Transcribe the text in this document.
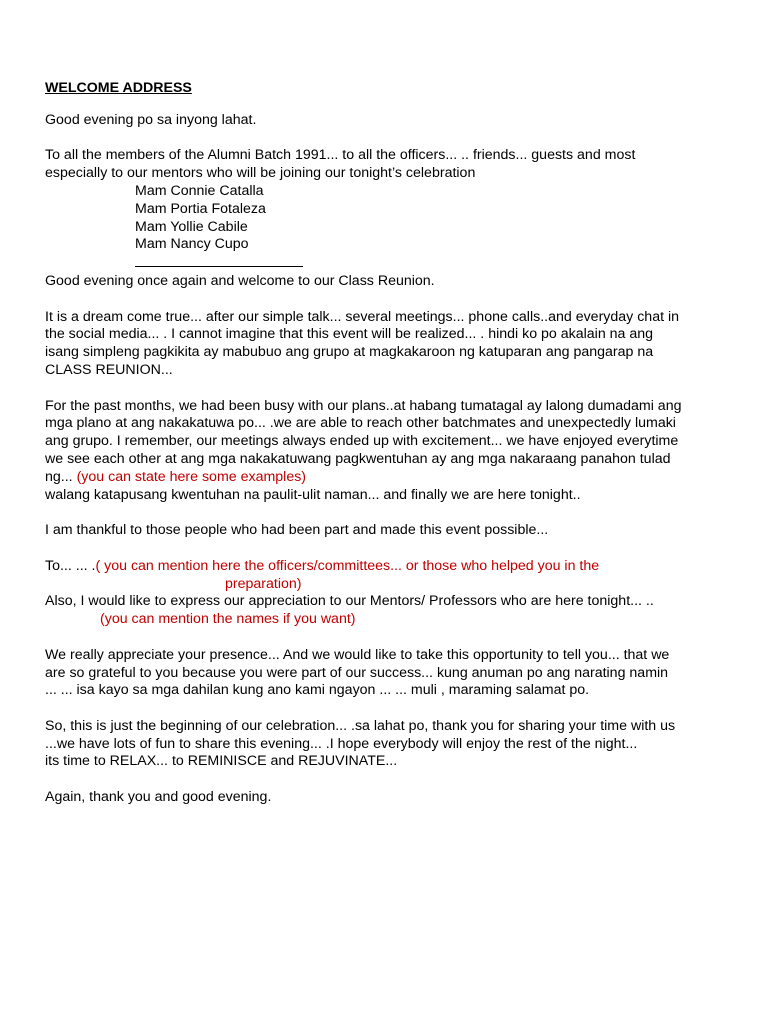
WELCOME ADDRESS

Good evening po sa inyong lahat.

To all the members of the Alumni Batch 1991... to all the officers... .. friends... guests and most
especially to our mentors who will be joining our tonight’s celebration
Mam Connie Catalla
Mam Portia Fotaleza
Mam Yollie Cabile
Mam Nancy Cupo

Good evening once again and welcome to our Class Reunion.

It is a dream come true... after our simple talk... several meetings... phone calls..and everyday chat in
the social media... . I cannot imagine that this event will be realized... . hindi ko po akalain na ang
isang simpleng pagkikita ay mabubuo ang grupo at magkakaroon ng katuparan ang pangarap na
CLASS REUNION...

For the past months, we had been busy with our plans..at habang tumatagal ay lalong dumadami ang
mga plano at ang nakakatuwa po... .we are able to reach other batchmates and unexpectedly lumaki
ang grupo. I remember, our meetings always ended up with excitement... we have enjoyed everytime
we see each other at ang mga nakakatuwang pagkwentuhan ay ang mga nakaraang panahon tulad
ng... (you can state here some examples)
walang katapusang kwentuhan na paulit-ulit naman... and finally we are here tonight..

I am thankful to those people who had been part and made this event possible...

To... ... .( you can mention here the officers/committees... or those who helped you in the
preparation)
Also, I would like to express our appreciation to our Mentors/ Professors who are here tonight... ..
(you can mention the names if you want)

We really appreciate your presence... And we would like to take this opportunity to tell you... that we
are so grateful to you because you were part of our success... kung anuman po ang narating namin
... ... isa kayo sa mga dahilan kung ano kami ngayon ... ... muli , maraming salamat po.

So, this is just the beginning of our celebration... .sa lahat po, thank you for sharing your time with us
...we have lots of fun to share this evening... .I hope everybody will enjoy the rest of the night...
its time to RELAX... to REMINISCE and REJUVINATE...

Again, thank you and good evening.
